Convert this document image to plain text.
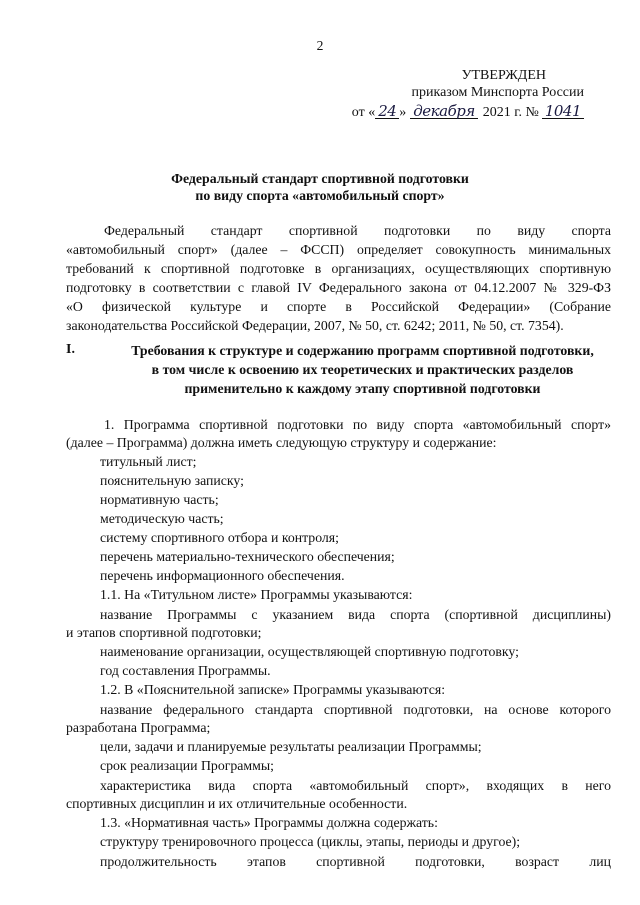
2
УТВЕРЖДЕН
приказом Минспорта России
от « 24 » декабря 2021 г. № 1041
Федеральный стандарт спортивной подготовки
по виду спорта «автомобильный спорт»

Федеральный стандарт спортивной подготовки по виду спорта

«автомобильный спорт» (далее – ФССП) определяет совокупность минимальных

требований к спортивной подготовке в организациях, осуществляющих спортивную

подготовку в соответствии с главой IV Федерального закона от 04.12.2007 № 329-ФЗ

«О физической культуре и спорте в Российской Федерации» (Собрание

законодательства Российской Федерации, 2007, № 50, ст. 6242; 2011, № 50, ст. 7354).

I.	Требования к структуре и содержанию программ спортивной подготовки,
в том числе к освоению их теоретических и практических разделов
применительно к каждому этапу спортивной подготовки

1. Программа спортивной подготовки по виду спорта «автомобильный спорт»

(далее – Программа) должна иметь следующую структуру и содержание:
титульный лист;
пояснительную записку;
нормативную часть;
методическую часть;
систему спортивного отбора и контроля;
перечень материально-технического обеспечения;
перечень информационного обеспечения.
1.1. На «Титульном листе» Программы указываются:

название Программы с указанием вида спорта (спортивной дисциплины)

и этапов спортивной подготовки;
наименование организации, осуществляющей спортивную подготовку;
год составления Программы.
1.2. В «Пояснительной записке» Программы указываются:

название федерального стандарта спортивной подготовки, на основе которого

разработана Программа;
цели, задачи и планируемые результаты реализации Программы;
срок реализации Программы;

характеристика вида спорта «автомобильный спорт», входящих в него

спортивных дисциплин и их отличительные особенности.
1.3. «Нормативная часть» Программы должна содержать:
структуру тренировочного процесса (циклы, этапы, периоды и другое);

продолжительность этапов спортивной подготовки, возраст лиц
